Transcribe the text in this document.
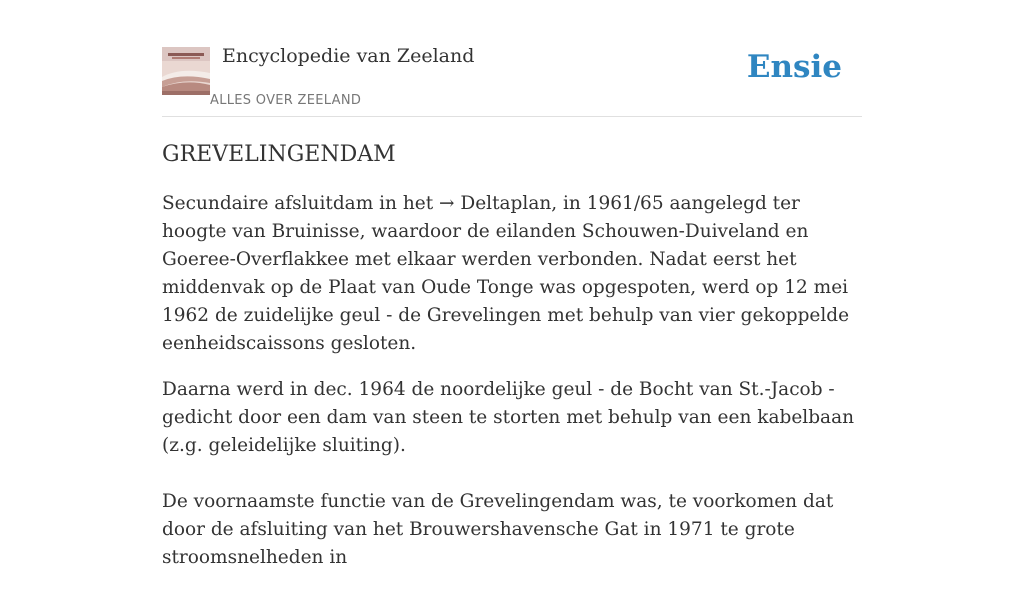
Encyclopedie van Zeeland
ALLES OVER ZEELAND
Ensie
GREVELINGENDAM

Secundaire afsluitdam in het → Deltaplan, in 1961/65 aangelegd ter hoogte van Bruinisse, waardoor de eilanden Schouwen-Duiveland en Goeree-Overflakkee met elkaar werden verbonden. Nadat eerst het middenvak op de Plaat van Oude Tonge was opgespoten, werd op 12 mei 1962 de zuidelijke geul - de Grevelingen met behulp van vier gekoppelde eenheidscaissons gesloten.

Daarna werd in dec. 1964 de noordelijke geul - de Bocht van St.-Jacob - gedicht door een dam van steen te storten met behulp van een kabelbaan (z.g. geleidelijke sluiting).

De voornaamste functie van de Grevelingendam was, te voorkomen dat door de afsluiting van het Brouwershavensche Gat in 1971 te grote stroomsnelheden in
